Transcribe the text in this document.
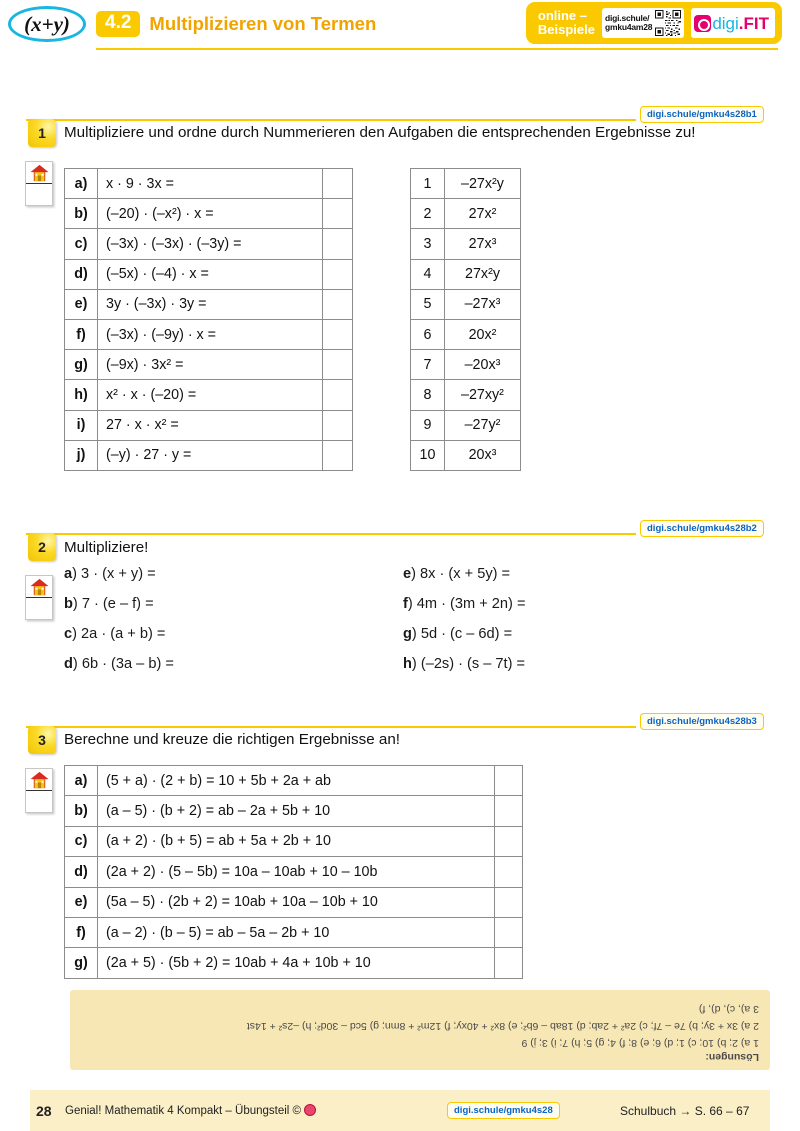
(x+y)	4.2 Multiplizieren von Termen	online –
Beispiele
digi.schule/
gmku4am28	digi.FIT
digi.schule/gmku4s28b1
1	Multipliziere und ordne durch Nummerieren den Aufgaben die entsprechenden Ergebnisse zu!
a)	x · 9 · 3x =	
b)	(–20) · (–x²) · x =	
c)	(–3x) · (–3x) · (–3y) =	
d)	(–5x) · (–4) · x =	
e)	3y · (–3x) · 3y =	
f)	(–3x) · (–9y) · x =	
g)	(–9x) · 3x² =	
h)	x² · x · (–20) =	
i)	27 · x · x² =	
j)	(–y) · 27 · y =	
1	–27x²y
2	27x²
3	27x³
4	27x²y
5	–27x³
6	20x²
7	–20x³
8	–27xy²
9	–27y²
10	20x³
digi.schule/gmku4s28b2
2	Multipliziere!
a) 3 · (x + y) =
b) 7 · (e – f) =
c) 2a · (a + b) =
d) 6b · (3a – b) =
e) 8x · (x + 5y) =
f) 4m · (3m + 2n) =
g) 5d · (c – 6d) =
h) (–2s) · (s – 7t) =
digi.schule/gmku4s28b3
3	Berechne und kreuze die richtigen Ergebnisse an!
a)	(5 + a) · (2 + b) = 10 + 5b + 2a + ab	
b)	(a – 5) · (b + 2) = ab – 2a + 5b + 10	
c)	(a + 2) · (b + 5) = ab + 5a + 2b + 10	
d)	(2a + 2) · (5 – 5b) = 10a – 10ab + 10 – 10b	
e)	(5a – 5) · (2b + 2) = 10ab + 10a – 10b + 10	
f)	(a – 2) · (b – 5) = ab – 5a – 2b + 10	
g)	(2a + 5) · (5b + 2) = 10ab + 4a + 10b + 10	
Lösungen:
1 a) 2; b) 10; c) 1; d) 6; e) 8; f) 4; g) 5; h) 7; i) 3; j) 9
2 a) 3x + 3y; b) 7e – 7f; c) 2a² + 2ab; d) 18ab – 6b²; e) 8x² + 40xy; f) 12m² + 8mn; g) 5cd – 30d²; h) –2s² + 14st
3 a), c), d), f)
28 Genial! Mathematik 4 Kompakt – Übungsteil ©	digi.schule/gmku4s28	Schulbuch → S. 66 – 67
